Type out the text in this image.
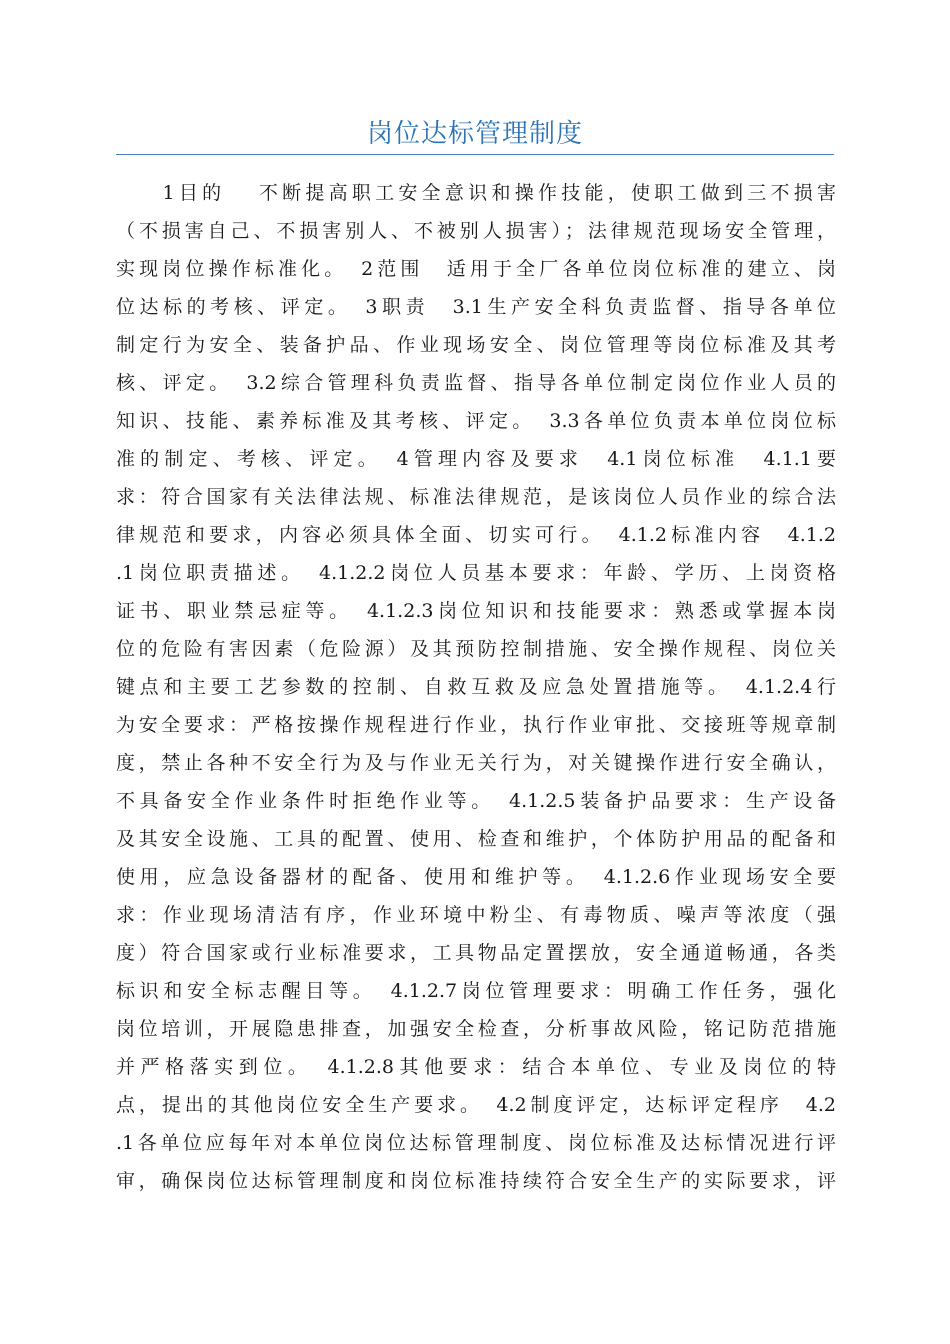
岗位达标管理制度
　　1目的　 不断提高职工安全意识和操作技能，使职工做到三不损害
（不损害自己、不损害别人、不被别人损害）；法律规范现场安全管理，
实现岗位操作标准化。　2范围　适用于全厂各单位岗位标准的建立、岗
位达标的考核、评定。　3职责　3.1生产安全科负责监督、指导各单位
制定行为安全、装备护品、作业现场安全、岗位管理等岗位标准及其考
核、评定。　3.2综合管理科负责监督、指导各单位制定岗位作业人员的
知识、技能、素养标准及其考核、评定。　3.3各单位负责本单位岗位标
准的制定、考核、评定。　4管理内容及要求　4.1岗位标准　4.1.1要
求：符合国家有关法律法规、标准法律规范，是该岗位人员作业的综合法
律规范和要求，内容必须具体全面、切实可行。　4.1.2标准内容　4.1.2
.1岗位职责描述。　4.1.2.2岗位人员基本要求：年龄、学历、上岗资格
证书、职业禁忌症等。　4.1.2.3岗位知识和技能要求：熟悉或掌握本岗
位的危险有害因素（危险源）及其预防控制措施、安全操作规程、岗位关
键点和主要工艺参数的控制、自救互救及应急处置措施等。　4.1.2.4行
为安全要求：严格按操作规程进行作业，执行作业审批、交接班等规章制
度，禁止各种不安全行为及与作业无关行为，对关键操作进行安全确认，
不具备安全作业条件时拒绝作业等。　4.1.2.5装备护品要求：生产设备
及其安全设施、工具的配置、使用、检查和维护，个体防护用品的配备和
使用，应急设备器材的配备、使用和维护等。　4.1.2.6作业现场安全要
求：作业现场清洁有序，作业环境中粉尘、有毒物质、噪声等浓度（强
度）符合国家或行业标准要求，工具物品定置摆放，安全通道畅通，各类
标识和安全标志醒目等。　4.1.2.7岗位管理要求：明确工作任务，强化
岗位培训，开展隐患排查，加强安全检查，分析事故风险，铭记防范措施
并严格落实到位。　4.1.2.8其他要求：结合本单位、专业及岗位的特
点，提出的其他岗位安全生产要求。　4.2制度评定，达标评定程序　4.2
.1各单位应每年对本单位岗位达标管理制度、岗位标准及达标情况进行评
审，确保岗位达标管理制度和岗位标准持续符合安全生产的实际要求，评
